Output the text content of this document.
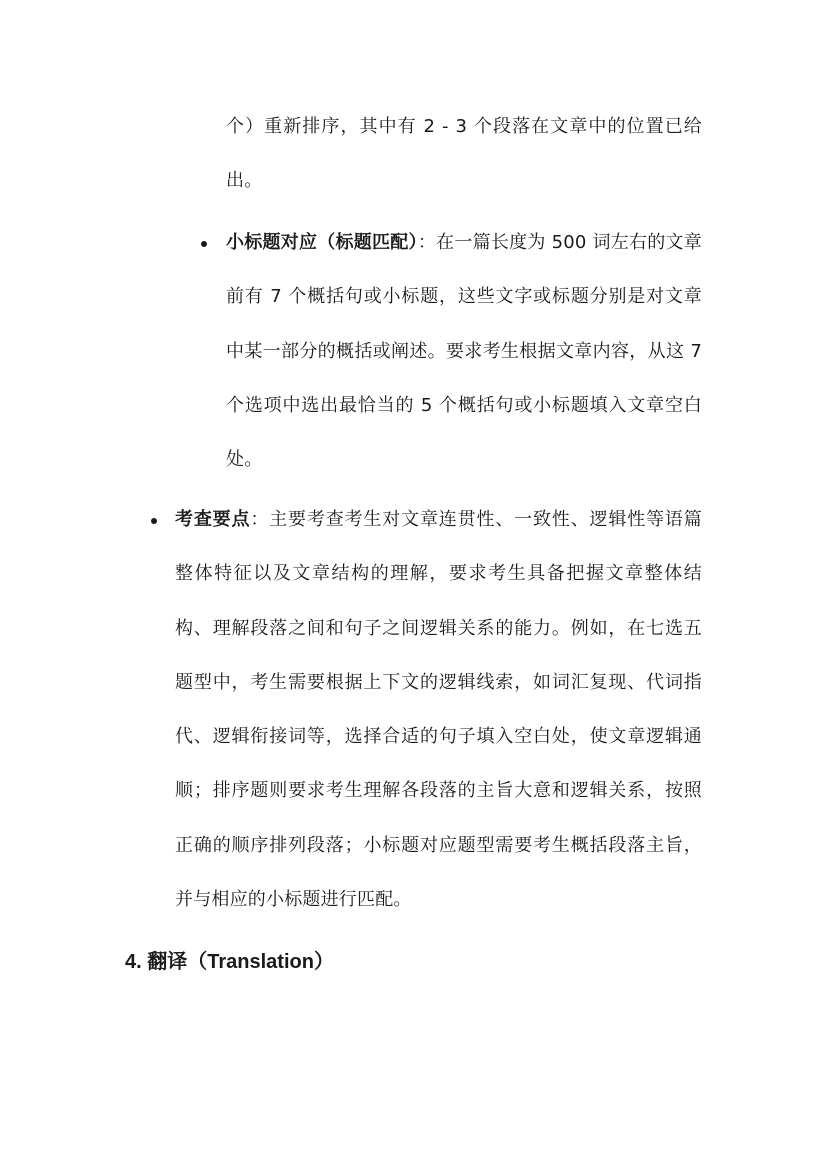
个）重新排序，其中有 2 - 3 个段落在文章中的位置已给出。
小标题对应（标题匹配）：在一篇长度为 500 词左右的文章前有 7 个概括句或小标题，这些文字或标题分别是对文章中某一部分的概括或阐述。要求考生根据文章内容，从这 7 个选项中选出最恰当的 5 个概括句或小标题填入文章空白处。
考查要点：主要考查考生对文章连贯性、一致性、逻辑性等语篇整体特征以及文章结构的理解，要求考生具备把握文章整体结构、理解段落之间和句子之间逻辑关系的能力。例如，在七选五题型中，考生需要根据上下文的逻辑线索，如词汇复现、代词指代、逻辑衔接词等，选择合适的句子填入空白处，使文章逻辑通顺；排序题则要求考生理解各段落的主旨大意和逻辑关系，按照正确的顺序排列段落；小标题对应题型需要考生概括段落主旨，并与相应的小标题进行匹配。
4. 翻译（Translation）
